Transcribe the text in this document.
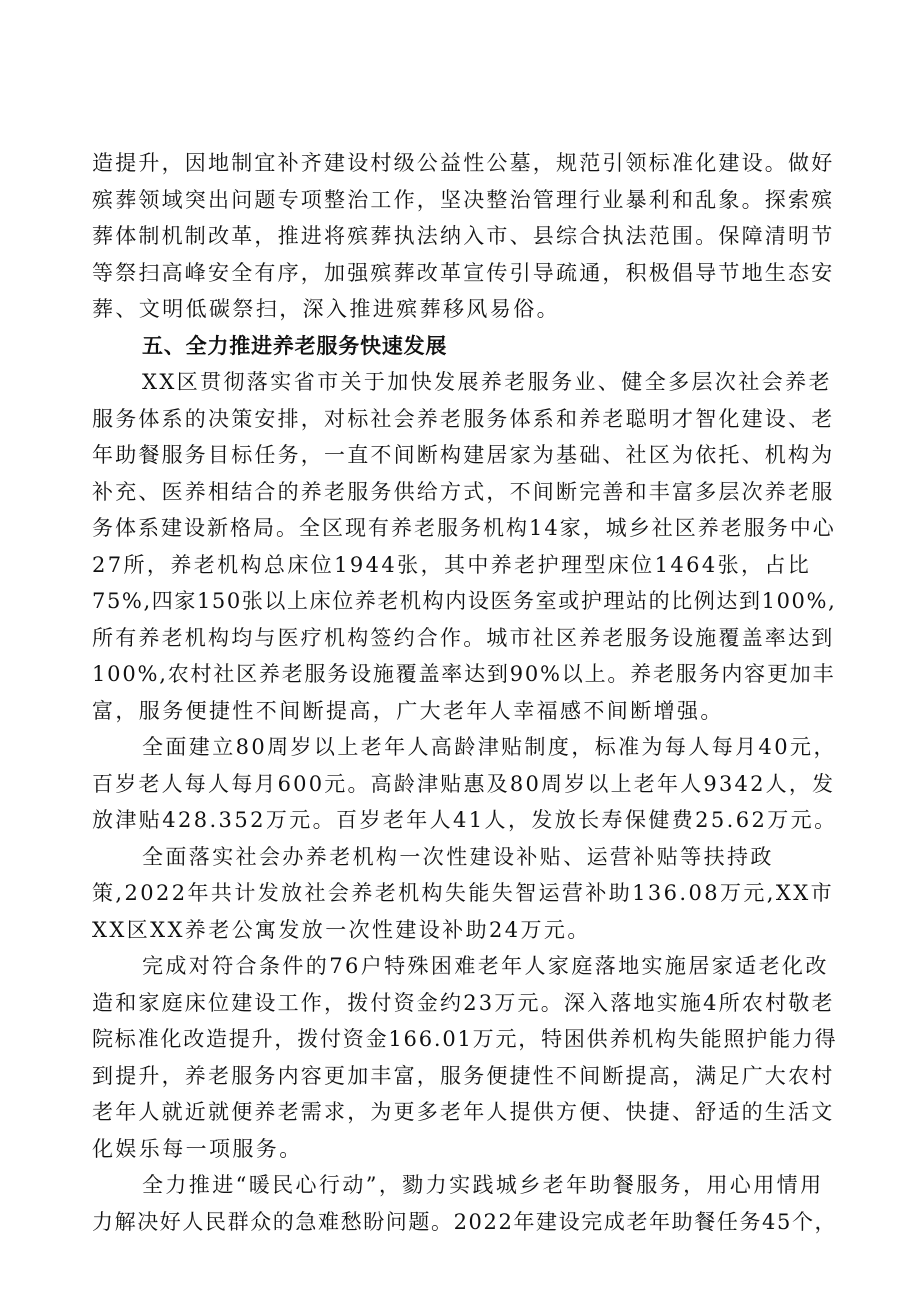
造提升，因地制宜补齐建设村级公益性公墓，规范引领标准化建设。做好
殡葬领域突出问题专项整治工作，坚决整治管理行业暴利和乱象。探索殡
葬体制机制改革，推进将殡葬执法纳入市、县综合执法范围。保障清明节
等祭扫高峰安全有序，加强殡葬改革宣传引导疏通，积极倡导节地生态安
葬、文明低碳祭扫，深入推进殡葬移风易俗。
五、全力推进养老服务快速发展
XX区贯彻落实省市关于加快发展养老服务业、健全多层次社会养老
服务体系的决策安排，对标社会养老服务体系和养老聪明才智化建设、老
年助餐服务目标任务，一直不间断构建居家为基础、社区为依托、机构为
补充、医养相结合的养老服务供给方式，不间断完善和丰富多层次养老服
务体系建设新格局。全区现有养老服务机构14家，城乡社区养老服务中心
27所，养老机构总床位1944张，其中养老护理型床位1464张，占比
75%,四家150张以上床位养老机构内设医务室或护理站的比例达到100%,
所有养老机构均与医疗机构签约合作。城市社区养老服务设施覆盖率达到
100%,农村社区养老服务设施覆盖率达到90%以上。养老服务内容更加丰
富，服务便捷性不间断提高，广大老年人幸福感不间断增强。
全面建立80周岁以上老年人高龄津贴制度，标准为每人每月40元，
百岁老人每人每月600元。高龄津贴惠及80周岁以上老年人9342人，发
放津贴428.352万元。百岁老年人41人，发放长寿保健费25.62万元。
全面落实社会办养老机构一次性建设补贴、运营补贴等扶持政
策,2022年共计发放社会养老机构失能失智运营补助136.08万元,XX市
XX区XX养老公寓发放一次性建设补助24万元。
完成对符合条件的76户特殊困难老年人家庭落地实施居家适老化改
造和家庭床位建设工作，拨付资金约23万元。深入落地实施4所农村敬老
院标准化改造提升，拨付资金166.01万元，特困供养机构失能照护能力得
到提升，养老服务内容更加丰富，服务便捷性不间断提高，满足广大农村
老年人就近就便养老需求，为更多老年人提供方便、快捷、舒适的生活文
化娱乐每一项服务。
全力推进“暖民心行动”，勠力实践城乡老年助餐服务，用心用情用
力解决好人民群众的急难愁盼问题。2022年建设完成老年助餐任务45个，
